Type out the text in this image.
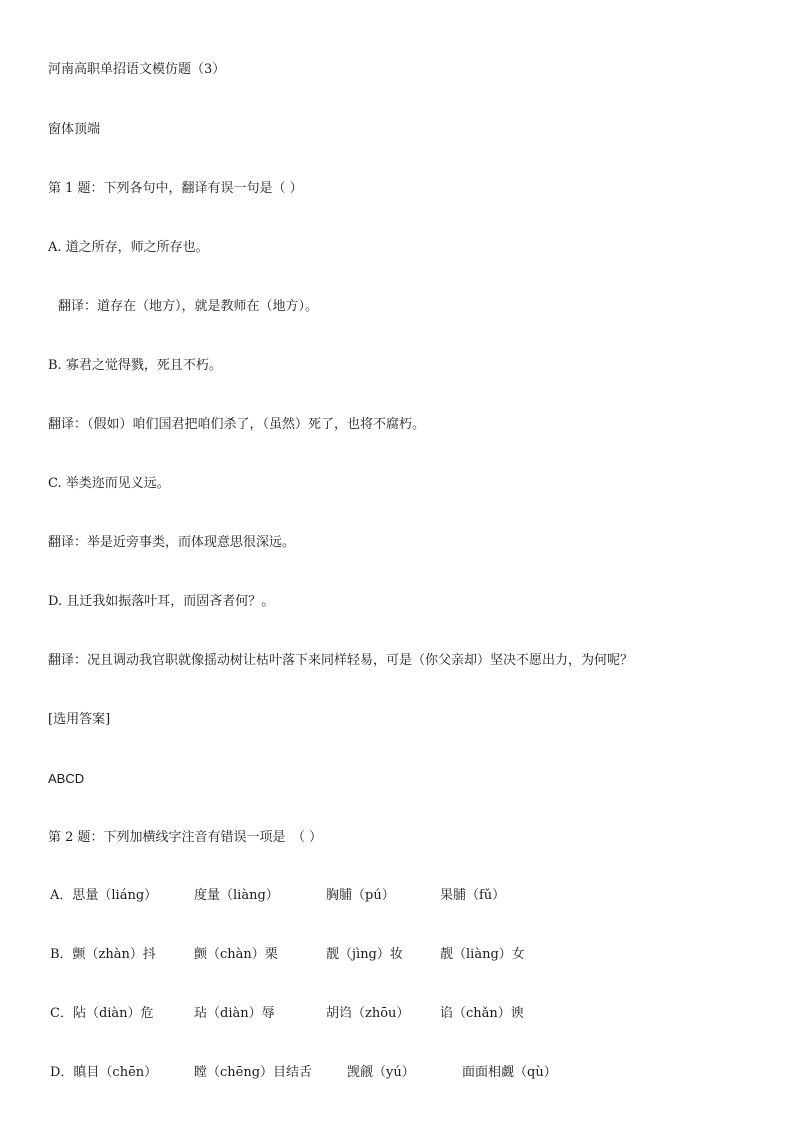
河南高职单招语文模仿题（3）
窗体顶端
第 1 题：下列各句中，翻译有误一句是（ ）
A. 道之所存，师之所存也。
翻译：道存在（地方），就是教师在（地方）。
B. 寡君之觉得戮，死且不朽。
翻译：（假如）咱们国君把咱们杀了，（虽然）死了，也将不腐朽。
C. 举类迩而见义远。
翻译：举是近旁事类，而体现意思很深远。
D. 且迁我如振落叶耳，而固吝者何？。
翻译：况且调动我官职就像摇动树让枯叶落下来同样轻易，可是（你父亲却）坚决不愿出力，为何呢？
[选用答案]
ABCD
第 2 题：下列加横线字注音有错误一项是　（ ）
A．思量（liáng）	度量（liàng）	胸脯（pú）	果脯（fǔ）
B．颤（zhàn）抖	颤（chàn）栗	靓（jìng）妆	靓（liàng）女
C．阽（diàn）危	玷（diàn）辱	胡诌（zhōu） 谄（chǎn）谀
D．瞋目（chēn）	瞠（chēng）目结舌	觊觎（yú）	面面相觑（qù）
